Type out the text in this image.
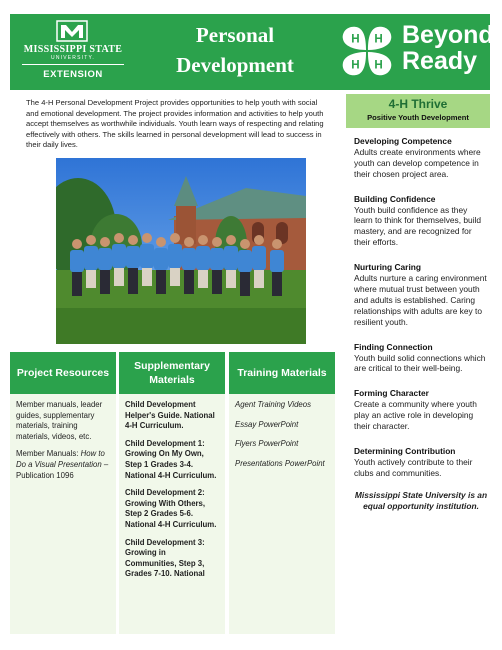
MISSISSIPPI STATE
UNIVERSITY.
EXTENSION
Personal
Development
H H
H H
Beyond
Ready

The 4-H Personal Development Project provides opportunities to help youth with social and emotional development. The project provides information and activities to help youth accept themselves as worthwhile individuals. Youth learn ways of respecting and relating effectively with others. The skills learned in personal development will lead to success in their daily lives.

Project Resources

Member manuals, leader guides, supplementary materials, training materials, videos, etc.

Member Manuals: How to Do a Visual Presentation – Publication 1096

Supplementary Materials

Child Development Helper's Guide. National 4-H Curriculum.

Child Development 1: Growing On My Own, Step 1 Grades 3-4. National 4-H Curriculum.

Child Development 2: Growing With Others, Step 2 Grades 5-6. National 4-H Curriculum.

Child Development 3: Growing in Communities, Step 3, Grades 7-10. National

Training Materials

Agent Training Videos

Essay PowerPoint

Flyers PowerPoint

Presentations PowerPoint

4-H Thrive
Positive Youth Development
Developing Competence
Adults create environments where youth can develop competence in their chosen project area.
Building Confidence
Youth build confidence as they learn to think for themselves, build mastery, and are recognized for their efforts.
Nurturing Caring
Adults nurture a caring environment where mutual trust between youth and adults is established. Caring relationships with adults are key to resilient youth.
Finding Connection
Youth build solid connections which are critical to their well-being.
Forming Character
Create a community where youth play an active role in developing their character.
Determining Contribution
Youth actively contribute to their clubs and communities.
Mississippi State University is an equal opportunity institution.
